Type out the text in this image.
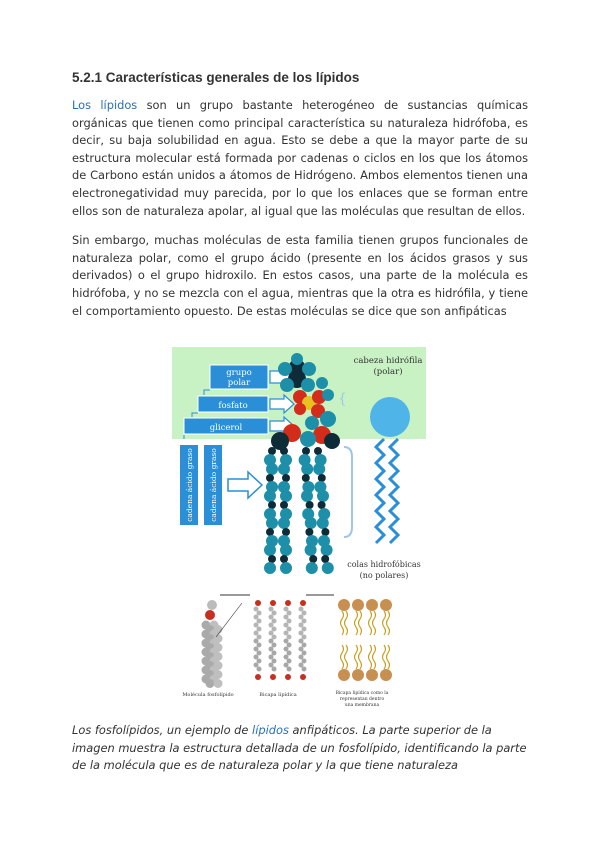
5.2.1 Características generales de los lípidos

Los lípidos son un grupo bastante heterogéneo de sustancias químicas orgánicas que tienen como principal característica su naturaleza hidrófoba, es decir, su baja solubilidad en agua. Esto se debe a que la mayor parte de su estructura molecular está formada por cadenas o ciclos en los que los átomos de Carbono están unidos a átomos de Hidrógeno. Ambos elementos tienen una electronegatividad muy parecida, por lo que los enlaces que se forman entre ellos son de naturaleza apolar, al igual que las moléculas que resultan de ellos.

Sin embargo, muchas moléculas de esta familia tienen grupos funcionales de naturaleza polar, como el grupo ácido (presente en los ácidos grasos y sus derivados) o el grupo hidroxilo. En estos casos, una parte de la molécula es hidrófoba, y no se mezcla con el agua, mientras que la otra es hidrófila, y tiene el comportamiento opuesto. De estas moléculas se dice que son anfipáticas

grupo
polar
fosfato
glicerol
cadena ácido graso cadena ácido graso
{
cabeza hidrófila
(polar)
colas hidrofóbicas
(no polares)
Molécula fosfolípido	Bicapa lipídica	Bicapa lipídica como la
representan dentro
una membrana
Los fosfolípidos, un ejemplo de lípidos anfipáticos. La parte superior de la imagen muestra la estructura detallada de un fosfolípido, identificando la parte de la molécula que es de naturaleza polar y la que tiene naturaleza
